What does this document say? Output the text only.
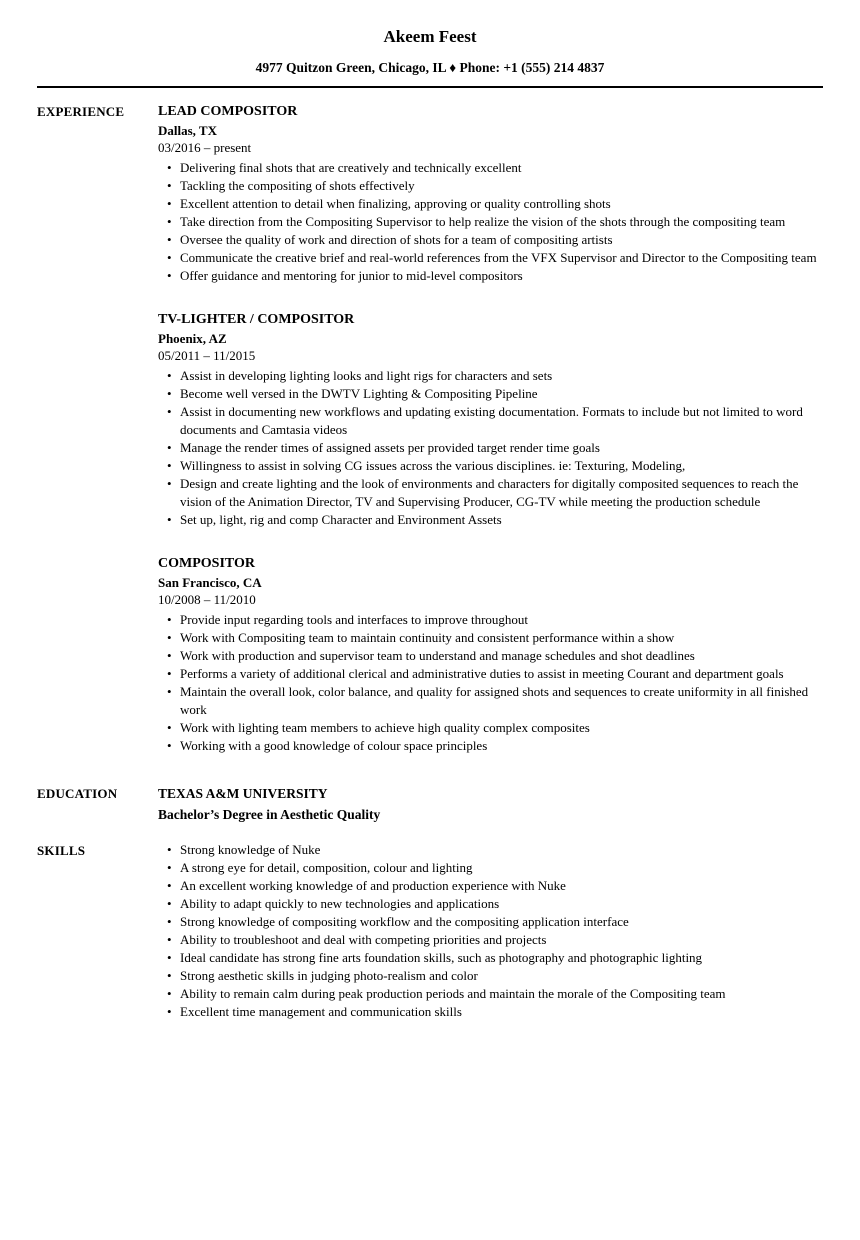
Akeem Feest
4977 Quitzon Green, Chicago, IL ♦ Phone: +1 (555) 214 4837
EXPERIENCE	LEAD COMPOSITOR
Dallas, TX
03/2016 – present
• Delivering final shots that are creatively and technically excellent
• Tackling the compositing of shots effectively
• Excellent attention to detail when finalizing, approving or quality controlling shots
• Take direction from the Compositing Supervisor to help realize the vision of the shots through the compositing team
• Oversee the quality of work and direction of shots for a team of compositing artists
• Communicate the creative brief and real-world references from the VFX Supervisor and Director to the Compositing team
• Offer guidance and mentoring for junior to mid-level compositors
TV-LIGHTER / COMPOSITOR
Phoenix, AZ
05/2011 – 11/2015
• Assist in developing lighting looks and light rigs for characters and sets
• Become well versed in the DWTV Lighting & Compositing Pipeline
• Assist in documenting new workflows and updating existing documentation. Formats to include but not limited to word documents and Camtasia videos
• Manage the render times of assigned assets per provided target render time goals
• Willingness to assist in solving CG issues across the various disciplines. ie: Texturing, Modeling,
• Design and create lighting and the look of environments and characters for digitally composited sequences to reach the vision of the Animation Director, TV and Supervising Producer, CG-TV while meeting the production schedule
• Set up, light, rig and comp Character and Environment Assets
COMPOSITOR
San Francisco, CA
10/2008 – 11/2010
• Provide input regarding tools and interfaces to improve throughout
• Work with Compositing team to maintain continuity and consistent performance within a show
• Work with production and supervisor team to understand and manage schedules and shot deadlines
• Performs a variety of additional clerical and administrative duties to assist in meeting Courant and department goals
• Maintain the overall look, color balance, and quality for assigned shots and sequences to create uniformity in all finished work
• Work with lighting team members to achieve high quality complex composites
• Working with a good knowledge of colour space principles
EDUCATION	TEXAS A&M UNIVERSITY
Bachelor’s Degree in Aesthetic Quality
SKILLS	• Strong knowledge of Nuke
• A strong eye for detail, composition, colour and lighting
• An excellent working knowledge of and production experience with Nuke
• Ability to adapt quickly to new technologies and applications
• Strong knowledge of compositing workflow and the compositing application interface
• Ability to troubleshoot and deal with competing priorities and projects
• Ideal candidate has strong fine arts foundation skills, such as photography and photographic lighting
• Strong aesthetic skills in judging photo-realism and color
• Ability to remain calm during peak production periods and maintain the morale of the Compositing team
• Excellent time management and communication skills
